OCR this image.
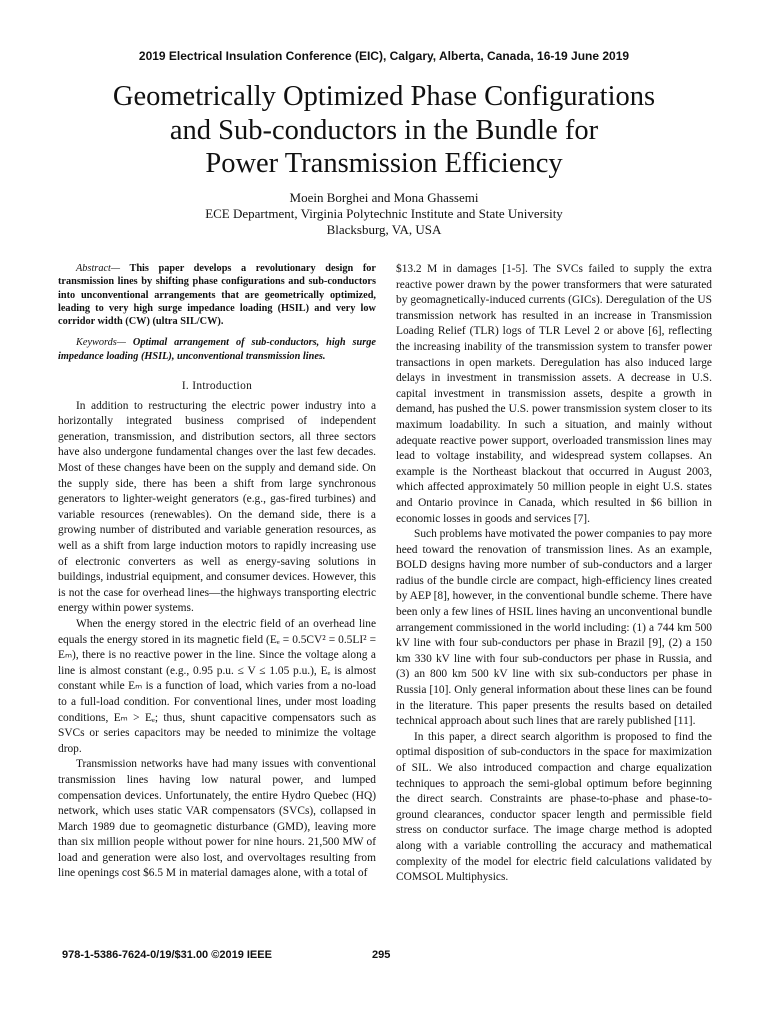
2019 Electrical Insulation Conference (EIC), Calgary, Alberta, Canada, 16-19 June 2019
Geometrically Optimized Phase Configurations
and Sub-conductors in the Bundle for
Power Transmission Efficiency
Moein Borghei and Mona Ghassemi
ECE Department, Virginia Polytechnic Institute and State University
Blacksburg, VA, USA

Abstract— This paper develops a revolutionary design for transmission lines by shifting phase configurations and sub-conductors into unconventional arrangements that are geometrically optimized, leading to very high surge impedance loading (HSIL) and very low corridor width (CW) (ultra SIL/CW).

Keywords— Optimal arrangement of sub-conductors, high surge impedance loading (HSIL), unconventional transmission lines.

I. Introduction

In addition to restructuring the electric power industry into a horizontally integrated business comprised of independent generation, transmission, and distribution sectors, all three sectors have also undergone fundamental changes over the last few decades. Most of these changes have been on the supply and demand side. On the supply side, there has been a shift from large synchronous generators to lighter-weight generators (e.g., gas-fired turbines) and variable resources (renewables). On the demand side, there is a growing number of distributed and variable generation resources, as well as a shift from large induction motors to rapidly increasing use of electronic converters as well as energy-saving solutions in buildings, industrial equipment, and consumer devices. However, this is not the case for overhead lines—the highways transporting electric energy within power systems.

When the energy stored in the electric field of an overhead line equals the energy stored in its magnetic field (Eₑ = 0.5CV² = 0.5LI² = Eₘ), there is no reactive power in the line. Since the voltage along a line is almost constant (e.g., 0.95 p.u. ≤ V ≤ 1.05 p.u.), Eₑ is almost constant while Eₘ is a function of load, which varies from a no-load to a full-load condition. For conventional lines, under most loading conditions, Eₘ > Eₑ; thus, shunt capacitive compensators such as SVCs or series capacitors may be needed to minimize the voltage drop.

Transmission networks have had many issues with conventional transmission lines having low natural power, and lumped compensation devices. Unfortunately, the entire Hydro Quebec (HQ) network, which uses static VAR compensators (SVCs), collapsed in March 1989 due to geomagnetic disturbance (GMD), leaving more than six million people without power for nine hours. 21,500 MW of load and generation were also lost, and overvoltages resulting from line openings cost $6.5 M in material damages alone, with a total of

$13.2 M in damages [1-5]. The SVCs failed to supply the extra reactive power drawn by the power transformers that were saturated by geomagnetically-induced currents (GICs). Deregulation of the US transmission network has resulted in an increase in Transmission Loading Relief (TLR) logs of TLR Level 2 or above [6], reflecting the increasing inability of the transmission system to transfer power transactions in open markets. Deregulation has also induced large delays in investment in transmission assets. A decrease in U.S. capital investment in transmission assets, despite a growth in demand, has pushed the U.S. power transmission system closer to its maximum loadability. In such a situation, and mainly without adequate reactive power support, overloaded transmission lines may lead to voltage instability, and widespread system collapses. An example is the Northeast blackout that occurred in August 2003, which affected approximately 50 million people in eight U.S. states and Ontario province in Canada, which resulted in $6 billion in economic losses in goods and services [7].

Such problems have motivated the power companies to pay more heed toward the renovation of transmission lines. As an example, BOLD designs having more number of sub-conductors and a larger radius of the bundle circle are compact, high-efficiency lines created by AEP [8], however, in the conventional bundle scheme. There have been only a few lines of HSIL lines having an unconventional bundle arrangement commissioned in the world including: (1) a 744 km 500 kV line with four sub-conductors per phase in Brazil [9], (2) a 150 km 330 kV line with four sub-conductors per phase in Russia, and (3) an 800 km 500 kV line with six sub-conductors per phase in Russia [10]. Only general information about these lines can be found in the literature. This paper presents the results based on detailed technical approach about such lines that are rarely published [11].

In this paper, a direct search algorithm is proposed to find the optimal disposition of sub-conductors in the space for maximization of SIL. We also introduced compaction and charge equalization techniques to approach the semi-global optimum before beginning the direct search. Constraints are phase-to-phase and phase-to-ground clearances, conductor spacer length and permissible field stress on conductor surface. The image charge method is adopted along with a variable controlling the accuracy and mathematical complexity of the model for electric field calculations validated by COMSOL Multiphysics.

978-1-5386-7624-0/19/$31.00 ©2019 IEEE	295
